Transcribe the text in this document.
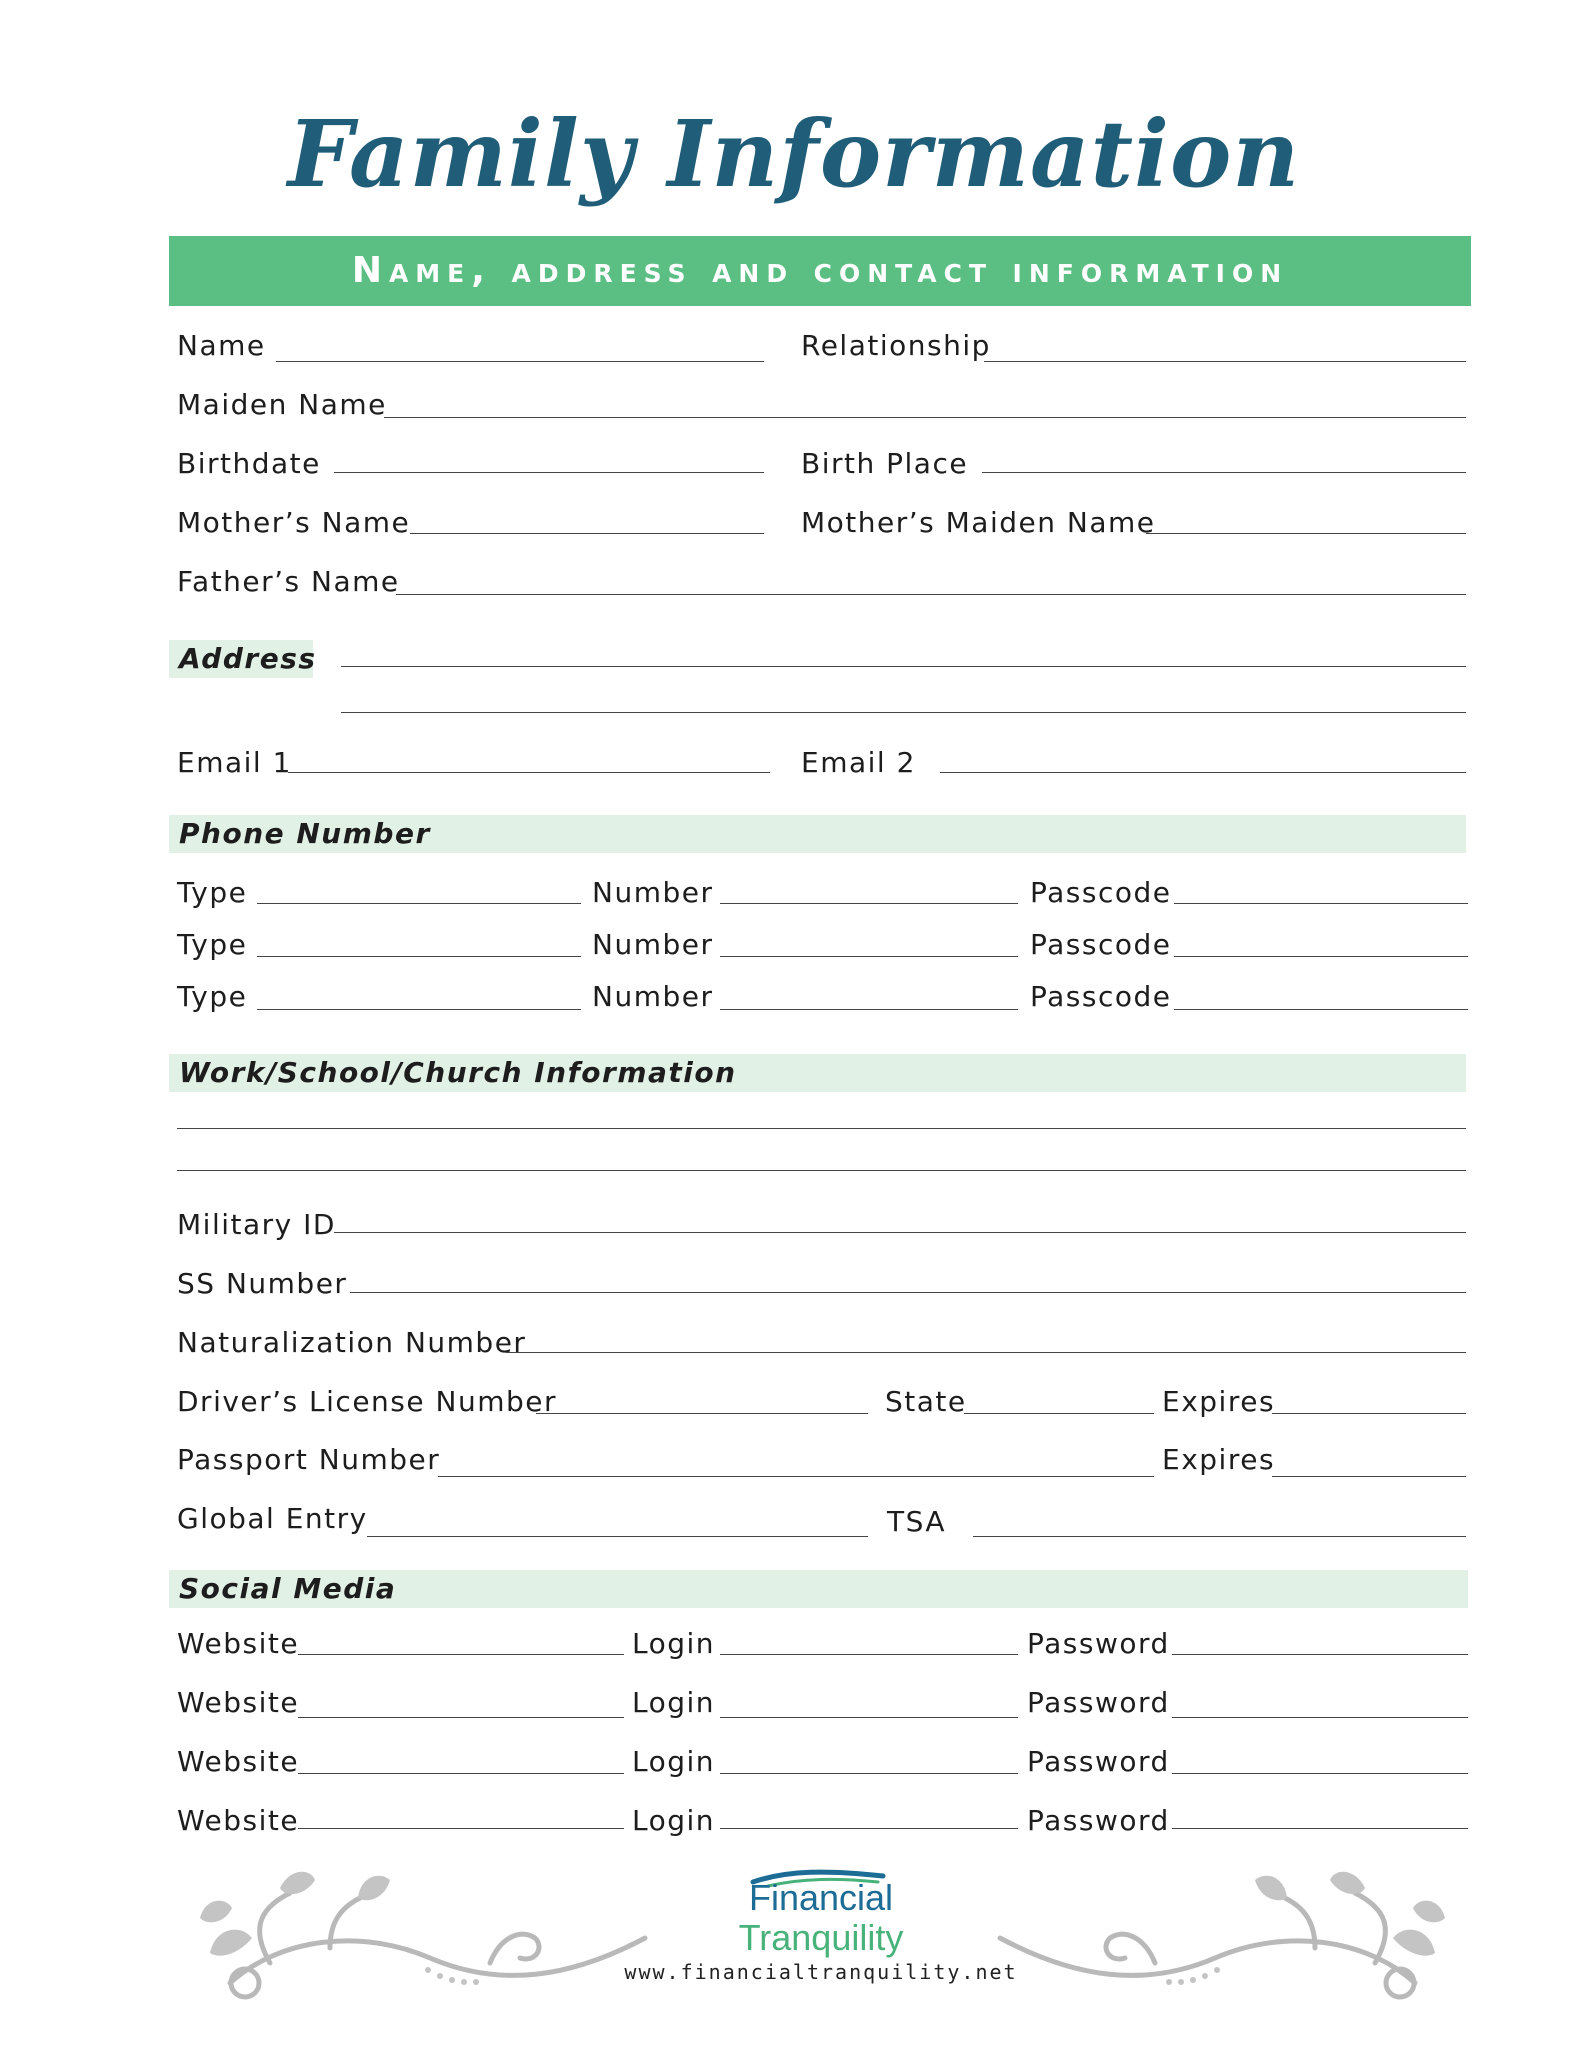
Family Information
Name, address and contact information
Name	Relationship
Maiden Name
Birthdate	Birth Place
Mother’s Name	Mother’s Maiden Name
Father’s Name
Address
Email 1	Email 2
Phone Number
Type	Number	Passcode
Type	Number	Passcode
Type	Number	Passcode
Work/School/Church Information
Military ID
SS Number
Naturalization Number
Driver’s License Number	State	Expires
Passport Number	Expires
Global Entry	TSA
Social Media
Website	Login	Password
Website	Login	Password
Website	Login	Password
Website	Login	Password
Financial
Tranquility
www.financialtranquility.net
